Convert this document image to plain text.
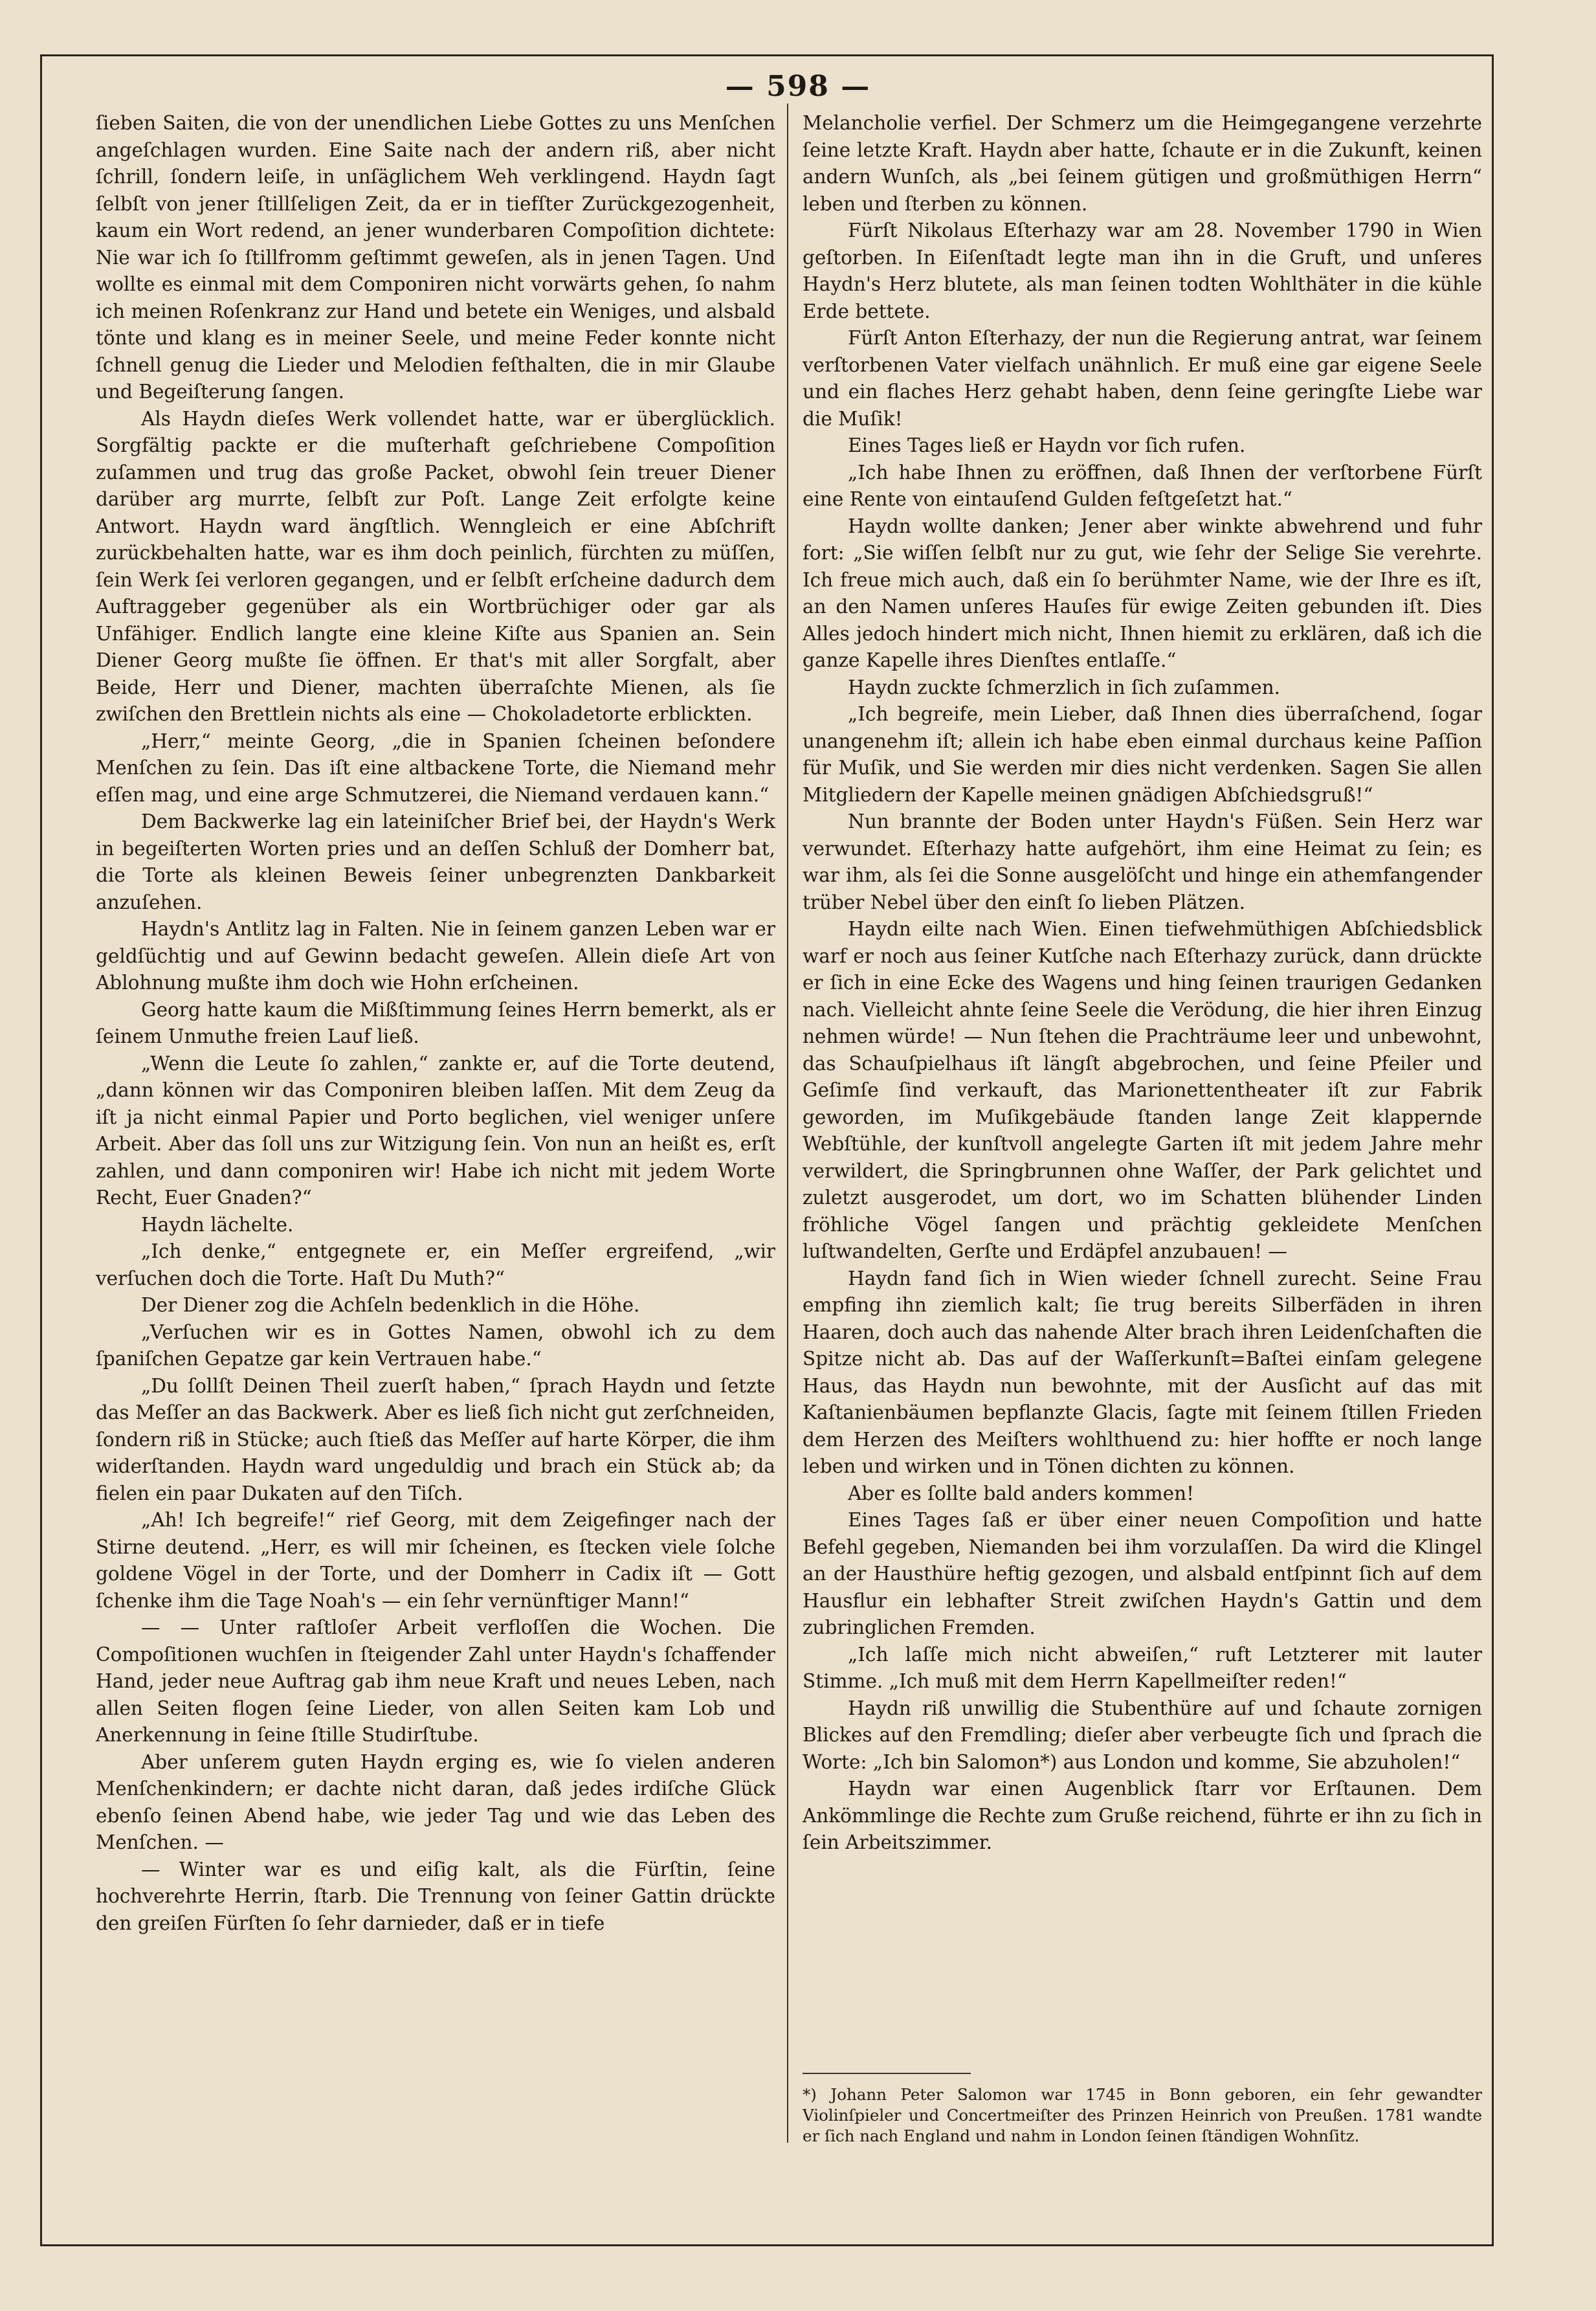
— 598 —

ſieben Saiten, die von der unendlichen Liebe Gottes zu uns Menſchen angeſchlagen wurden. Eine Saite nach der andern riß, aber nicht ſchrill, ſondern leiſe, in unſäglichem Weh verklingend. Haydn ſagt ſelbſt von jener ſtillſeligen Zeit, da er in tiefſter Zurückgezogenheit, kaum ein Wort redend, an jener wunderbaren Compoſition dichtete: Nie war ich ſo ſtillfromm geſtimmt geweſen, als in jenen Tagen. Und wollte es einmal mit dem Componiren nicht vorwärts gehen, ſo nahm ich meinen Roſenkranz zur Hand und betete ein Weniges, und alsbald tönte und klang es in meiner Seele, und meine Feder konnte nicht ſchnell genug die Lieder und Melodien feſthalten, die in mir Glaube und Begeiſterung ſangen.

Als Haydn dieſes Werk vollendet hatte, war er überglücklich. Sorgfältig packte er die muſterhaft geſchriebene Compoſition zuſammen und trug das große Packet, obwohl ſein treuer Diener darüber arg murrte, ſelbſt zur Poſt. Lange Zeit erfolgte keine Antwort. Haydn ward ängſtlich. Wenngleich er eine Abſchrift zurückbehalten hatte, war es ihm doch peinlich, fürchten zu müſſen, ſein Werk ſei verloren gegangen, und er ſelbſt erſcheine dadurch dem Auftraggeber gegenüber als ein Wortbrüchiger oder gar als Unfähiger. Endlich langte eine kleine Kiſte aus Spanien an. Sein Diener Georg mußte ſie öffnen. Er that's mit aller Sorgfalt, aber Beide, Herr und Diener, machten überraſchte Mienen, als ſie zwiſchen den Brettlein nichts als eine — Chokoladetorte erblickten.

„Herr,“ meinte Georg, „die in Spanien ſcheinen beſondere Menſchen zu ſein. Das iſt eine altbackene Torte, die Niemand mehr eſſen mag, und eine arge Schmutzerei, die Niemand verdauen kann.“

Dem Backwerke lag ein lateiniſcher Brief bei, der Haydn's Werk in begeiſterten Worten pries und an deſſen Schluß der Domherr bat, die Torte als kleinen Beweis ſeiner unbegrenzten Dankbarkeit anzuſehen.

Haydn's Antlitz lag in Falten. Nie in ſeinem ganzen Leben war er geldſüchtig und auf Gewinn bedacht geweſen. Allein dieſe Art von Ablohnung mußte ihm doch wie Hohn erſcheinen.

Georg hatte kaum die Mißſtimmung ſeines Herrn bemerkt, als er ſeinem Unmuthe freien Lauf ließ.

„Wenn die Leute ſo zahlen,“ zankte er, auf die Torte deutend, „dann können wir das Componiren bleiben laſſen. Mit dem Zeug da iſt ja nicht einmal Papier und Porto beglichen, viel weniger unſere Arbeit. Aber das ſoll uns zur Witzigung ſein. Von nun an heißt es, erſt zahlen, und dann componiren wir! Habe ich nicht mit jedem Worte Recht, Euer Gnaden?“

Haydn lächelte.

„Ich denke,“ entgegnete er, ein Meſſer ergreifend, „wir verſuchen doch die Torte. Haſt Du Muth?“

Der Diener zog die Achſeln bedenklich in die Höhe.

„Verſuchen wir es in Gottes Namen, obwohl ich zu dem ſpaniſchen Gepatze gar kein Vertrauen habe.“

„Du ſollſt Deinen Theil zuerſt haben,“ ſprach Haydn und ſetzte das Meſſer an das Backwerk. Aber es ließ ſich nicht gut zerſchneiden, ſondern riß in Stücke; auch ſtieß das Meſſer auf harte Körper, die ihm widerſtanden. Haydn ward ungeduldig und brach ein Stück ab; da fielen ein paar Dukaten auf den Tiſch.

„Ah! Ich begreife!“ rief Georg, mit dem Zeigefinger nach der Stirne deutend. „Herr, es will mir ſcheinen, es ſtecken viele ſolche goldene Vögel in der Torte, und der Domherr in Cadix iſt — Gott ſchenke ihm die Tage Noah's — ein ſehr vernünftiger Mann!“

— — Unter raſtloſer Arbeit verfloſſen die Wochen. Die Compoſitionen wuchſen in ſteigender Zahl unter Haydn's ſchaffender Hand, jeder neue Auftrag gab ihm neue Kraft und neues Leben, nach allen Seiten flogen ſeine Lieder, von allen Seiten kam Lob und Anerkennung in ſeine ſtille Studirſtube.

Aber unſerem guten Haydn erging es, wie ſo vielen anderen Menſchenkindern; er dachte nicht daran, daß jedes irdiſche Glück ebenſo ſeinen Abend habe, wie jeder Tag und wie das Leben des Menſchen. —

— Winter war es und eiſig kalt, als die Fürſtin, ſeine hochverehrte Herrin, ſtarb. Die Trennung von ſeiner Gattin drückte den greiſen Fürſten ſo ſehr darnieder, daß er in tiefe

Melancholie verfiel. Der Schmerz um die Heimgegangene verzehrte ſeine letzte Kraft. Haydn aber hatte, ſchaute er in die Zukunft, keinen andern Wunſch, als „bei ſeinem gütigen und großmüthigen Herrn“ leben und ſterben zu können.

Fürſt Nikolaus Eſterhazy war am 28. November 1790 in Wien geſtorben. In Eiſenſtadt legte man ihn in die Gruft, und unſeres Haydn's Herz blutete, als man ſeinen todten Wohlthäter in die kühle Erde bettete.

Fürſt Anton Eſterhazy, der nun die Regierung antrat, war ſeinem verſtorbenen Vater vielfach unähnlich. Er muß eine gar eigene Seele und ein flaches Herz gehabt haben, denn ſeine geringſte Liebe war die Muſik!

Eines Tages ließ er Haydn vor ſich rufen.

„Ich habe Ihnen zu eröffnen, daß Ihnen der verſtorbene Fürſt eine Rente von eintauſend Gulden feſtgeſetzt hat.“

Haydn wollte danken; Jener aber winkte abwehrend und fuhr fort: „Sie wiſſen ſelbſt nur zu gut, wie ſehr der Selige Sie verehrte. Ich freue mich auch, daß ein ſo berühmter Name, wie der Ihre es iſt, an den Namen unſeres Hauſes für ewige Zeiten gebunden iſt. Dies Alles jedoch hindert mich nicht, Ihnen hiemit zu erklären, daß ich die ganze Kapelle ihres Dienſtes entlaſſe.“

Haydn zuckte ſchmerzlich in ſich zuſammen.

„Ich begreife, mein Lieber, daß Ihnen dies überraſchend, ſogar unangenehm iſt; allein ich habe eben einmal durchaus keine Paſſion für Muſik, und Sie werden mir dies nicht verdenken. Sagen Sie allen Mitgliedern der Kapelle meinen gnädigen Abſchiedsgruß!“

Nun brannte der Boden unter Haydn's Füßen. Sein Herz war verwundet. Eſterhazy hatte aufgehört, ihm eine Heimat zu ſein; es war ihm, als ſei die Sonne ausgelöſcht und hinge ein athemfangender trüber Nebel über den einſt ſo lieben Plätzen.

Haydn eilte nach Wien. Einen tiefwehmüthigen Abſchiedsblick warf er noch aus ſeiner Kutſche nach Eſterhazy zurück, dann drückte er ſich in eine Ecke des Wagens und hing ſeinen traurigen Gedanken nach. Vielleicht ahnte ſeine Seele die Verödung, die hier ihren Einzug nehmen würde! — Nun ſtehen die Prachträume leer und unbewohnt, das Schauſpielhaus iſt längſt abgebrochen, und ſeine Pfeiler und Geſimſe ſind verkauft, das Marionettentheater iſt zur Fabrik geworden, im Muſikgebäude ſtanden lange Zeit klappernde Webſtühle, der kunſtvoll angelegte Garten iſt mit jedem Jahre mehr verwildert, die Springbrunnen ohne Waſſer, der Park gelichtet und zuletzt ausgerodet, um dort, wo im Schatten blühender Linden fröhliche Vögel ſangen und prächtig gekleidete Menſchen luſtwandelten, Gerſte und Erdäpfel anzubauen! —

Haydn fand ſich in Wien wieder ſchnell zurecht. Seine Frau empfing ihn ziemlich kalt; ſie trug bereits Silberfäden in ihren Haaren, doch auch das nahende Alter brach ihren Leidenſchaften die Spitze nicht ab. Das auf der Waſſerkunſt=Baſtei einſam gelegene Haus, das Haydn nun bewohnte, mit der Ausſicht auf das mit Kaſtanienbäumen bepflanzte Glacis, ſagte mit ſeinem ſtillen Frieden dem Herzen des Meiſters wohlthuend zu: hier hoffte er noch lange leben und wirken und in Tönen dichten zu können.

Aber es ſollte bald anders kommen!

Eines Tages ſaß er über einer neuen Compoſition und hatte Befehl gegeben, Niemanden bei ihm vorzulaſſen. Da wird die Klingel an der Hausthüre heftig gezogen, und alsbald entſpinnt ſich auf dem Hausflur ein lebhafter Streit zwiſchen Haydn's Gattin und dem zubringlichen Fremden.

„Ich laſſe mich nicht abweiſen,“ ruft Letzterer mit lauter Stimme. „Ich muß mit dem Herrn Kapellmeiſter reden!“

Haydn riß unwillig die Stubenthüre auf und ſchaute zornigen Blickes auf den Fremdling; dieſer aber verbeugte ſich und ſprach die Worte: „Ich bin Salomon*) aus London und komme, Sie abzuholen!“

Haydn war einen Augenblick ſtarr vor Erſtaunen. Dem Ankömmlinge die Rechte zum Gruße reichend, führte er ihn zu ſich in ſein Arbeitszimmer.

*) Johann Peter Salomon war 1745 in Bonn geboren, ein ſehr gewandter Violinſpieler und Concertmeiſter des Prinzen Heinrich von Preußen. 1781 wandte er ſich nach England und nahm in London ſeinen ſtändigen Wohnſitz.
